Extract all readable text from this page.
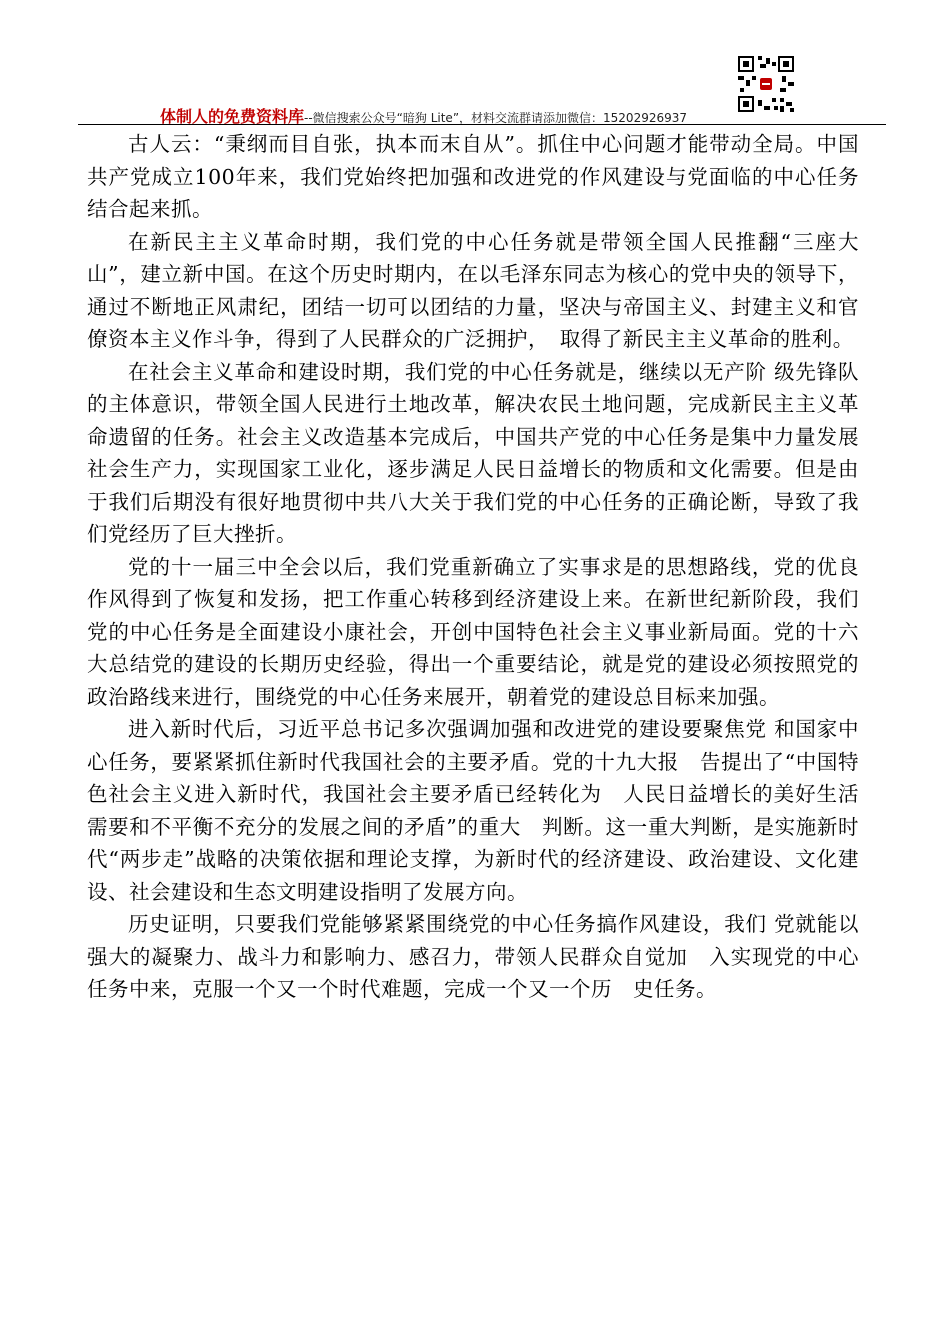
体制人的免费资料库--微信搜索公众号“暗狗 Lite”，材料交流群请添加微信：15202926937

古人云：“秉纲而目自张，执本而末自从”。抓住中心问题才能带动全局。中国共产党成立100年来，我们党始终把加强和改进党的作风建设与党面临的中心任务结合起来抓。

在新民主主义革命时期，我们党的中心任务就是带领全国人民推翻“三座大山”，建立新中国。在这个历史时期内，在以毛泽东同志为核心的党中央的领导下，通过不断地正风肃纪，团结一切可以团结的力量，坚决与帝国主义、封建主义和官僚资本主义作斗争，得到了人民群众的广泛拥护，　取得了新民主主义革命的胜利。

在社会主义革命和建设时期，我们党的中心任务就是，继续以无产阶 级先锋队的主体意识，带领全国人民进行土地改革，解决农民土地问题，完成新民主主义革命遗留的任务。社会主义改造基本完成后，中国共产党的中心任务是集中力量发展社会生产力，实现国家工业化，逐步满足人民日益增长的物质和文化需要。但是由于我们后期没有很好地贯彻中共八大关于我们党的中心任务的正确论断，导致了我们党经历了巨大挫折。

党的十一届三中全会以后，我们党重新确立了实事求是的思想路线，党的优良作风得到了恢复和发扬，把工作重心转移到经济建设上来。在新世纪新阶段，我们党的中心任务是全面建设小康社会，开创中国特色社会主义事业新局面。党的十六大总结党的建设的长期历史经验，得出一个重要结论，就是党的建设必须按照党的政治路线来进行，围绕党的中心任务来展开，朝着党的建设总目标来加强。

进入新时代后，习近平总书记多次强调加强和改进党的建设要聚焦党 和国家中心任务，要紧紧抓住新时代我国社会的主要矛盾。党的十九大报　告提出了“中国特色社会主义进入新时代，我国社会主要矛盾已经转化为　人民日益增长的美好生活需要和不平衡不充分的发展之间的矛盾”的重大　判断。这一重大判断，是实施新时代“两步走”战略的决策依据和理论支撑，为新时代的经济建设、政治建设、文化建设、社会建设和生态文明建设指明了发展方向。

历史证明，只要我们党能够紧紧围绕党的中心任务搞作风建设，我们 党就能以强大的凝聚力、战斗力和影响力、感召力，带领人民群众自觉加　入实现党的中心任务中来，克服一个又一个时代难题，完成一个又一个历　史任务。
